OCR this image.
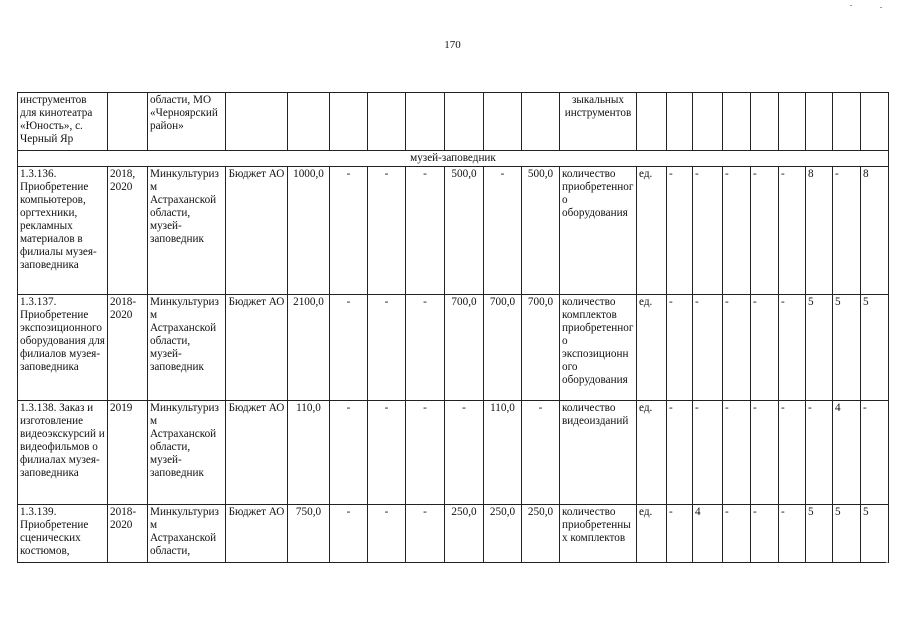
170
инструментов для кинотеатра «Юность», с. Черный Яр		области, МО «Черноярский район»									зыкальных инструментов									
музей-заповедник																				
1.3.136. Приобретение компьютеров, оргтехники, рекламных материалов в филиалы музея-заповедника	2018, 2020	Минкультуризм Астраханской области, музей-заповедник	Бюджет АО	1000,0	-	-	-	500,0	-	500,0	количество приобретенного оборудования	ед.	-	-	-	-	-	8	-	8
1.3.137. Приобретение экспозиционного оборудования для филиалов музея-заповедника	2018-2020	Минкультуризм Астраханской области, музей-заповедник	Бюджет АО	2100,0	-	-	-	700,0	700,0	700,0	количество комплектов приобретенного экспозиционного оборудования	ед.	-	-	-	-	-	5	5	5
1.3.138. Заказ и изготовление видеоэкскурсий и видеофильмов о филиалах музея-заповедника	2019	Минкультуризм Астраханской области, музей-заповедник	Бюджет АО	110,0	-	-	-	-	110,0	-	количество видеоизданий	ед.	-	-	-	-	-	-	4	-
1.3.139. Приобретение сценических костюмов,	2018-2020	Минкультуризм Астраханской области,	Бюджет АО	750,0	-	-	-	250,0	250,0	250,0	количество приобретенных комплектов	ед.	-	4	-	-	-	5	5	5
